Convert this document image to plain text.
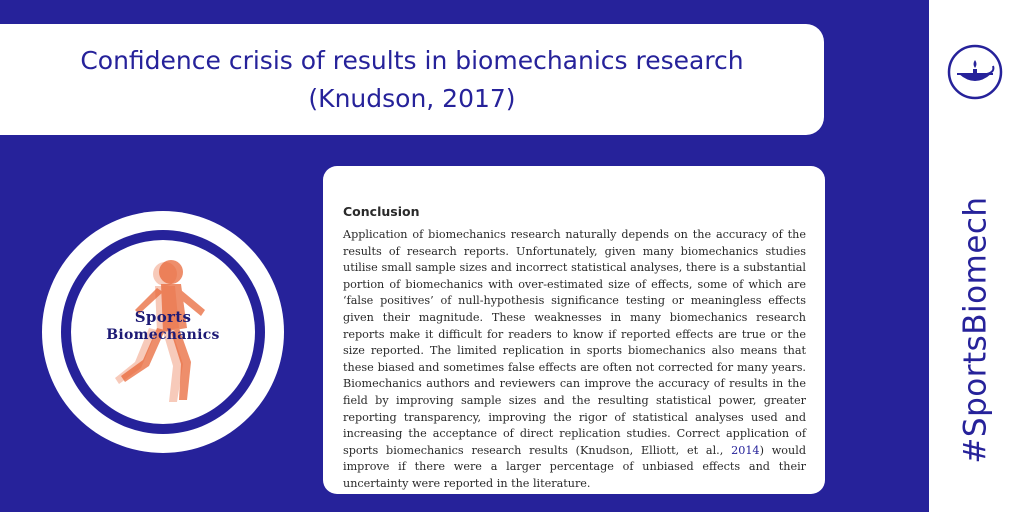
Confidence crisis of results in biomechanics research
(Knudson, 2017)
#SportsBiomech
Sports
Biomechanics
Conclusion
Application of biomechanics research naturally depends on the accuracy of the results of research reports. Unfortunately, given many biomechanics studies utilise small sample sizes and incorrect statistical analyses, there is a substantial portion of biomechanics with over-estimated size of effects, some of which are ‘false positives’ of null-hypothesis significance testing or meaningless effects given their magnitude. These weaknesses in many biomechanics research reports make it difficult for readers to know if reported effects are true or the size reported. The limited replication in sports biomechanics also means that these biased and sometimes false effects are often not corrected for many years. Biomechanics authors and reviewers can improve the accuracy of results in the field by improving sample sizes and the resulting statistical power, greater reporting transparency, improving the rigor of statistical analyses used and increasing the acceptance of direct replication studies. Correct application of sports biomechanics research results (Knudson, Elliott, et al., 2014) would improve if there were a larger percentage of unbiased effects and their uncertainty were reported in the literature.
